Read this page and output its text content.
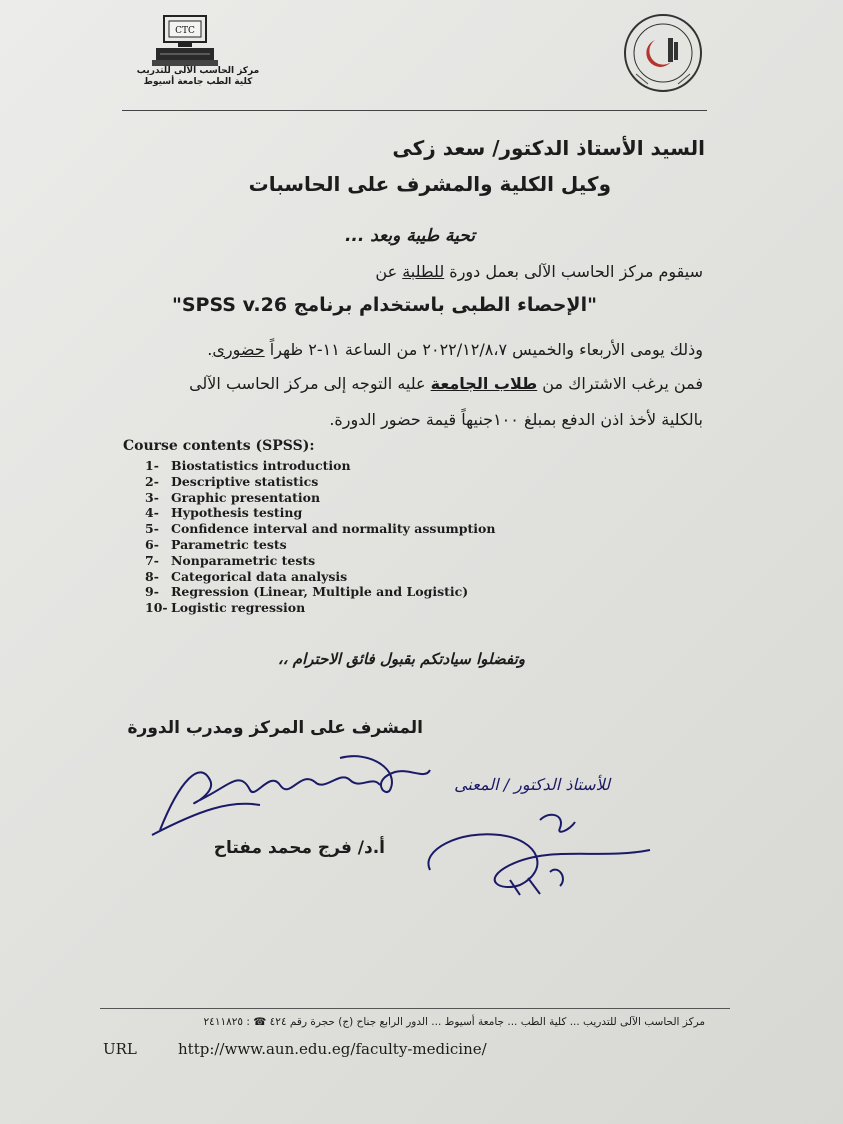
CTC
مركز الحاسب الآلى للتدريب
كلية الطب جامعة أسيوط
السيد الأستاذ الدكتور/ سعد زكى
وكيل الكلية والمشرف على الحاسبات
تحية طيبة وبعد ...
سيقوم مركز الحاسب الآلى بعمل دورة للطلبة عن
"الإحصاء الطبى باستخدام برنامج SPSS v.26"
وذلك يومى الأربعاء والخميس ٢٠٢٢/١٢/٨،٧ من الساعة ١١-٢ ظهراً حضورى.
فمن يرغب الاشتراك من طلاب الجامعة عليه التوجه إلى مركز الحاسب الآلى
بالكلية لأخذ اذن الدفع بمبلغ ١٠٠جنيهاً قيمة حضور الدورة.
Course contents (SPSS):
1- Biostatistics introduction
2- Descriptive statistics
3- Graphic presentation
4- Hypothesis testing
5- Confidence interval and normality assumption
6- Parametric tests
7- Nonparametric tests
8- Categorical data analysis
9- Regression (Linear, Multiple and Logistic)
10- Logistic regression
وتفضلوا سيادتكم بقبول فائق الاحترام ،،
المشرف على المركز ومدرب الدورة
أ.د/ فرج محمد مفتاح
للأستاذ الدكتور / المعنى
مركز الحاسب الآلى للتدريب ... كلية الطب ... جامعة أسيوط ... الدور الرابع جناح (ج) حجرة رقم ٤٢٤ ☎ : ٢٤١١٨٢٥
URL	http://www.aun.edu.eg/faculty-medicine/
